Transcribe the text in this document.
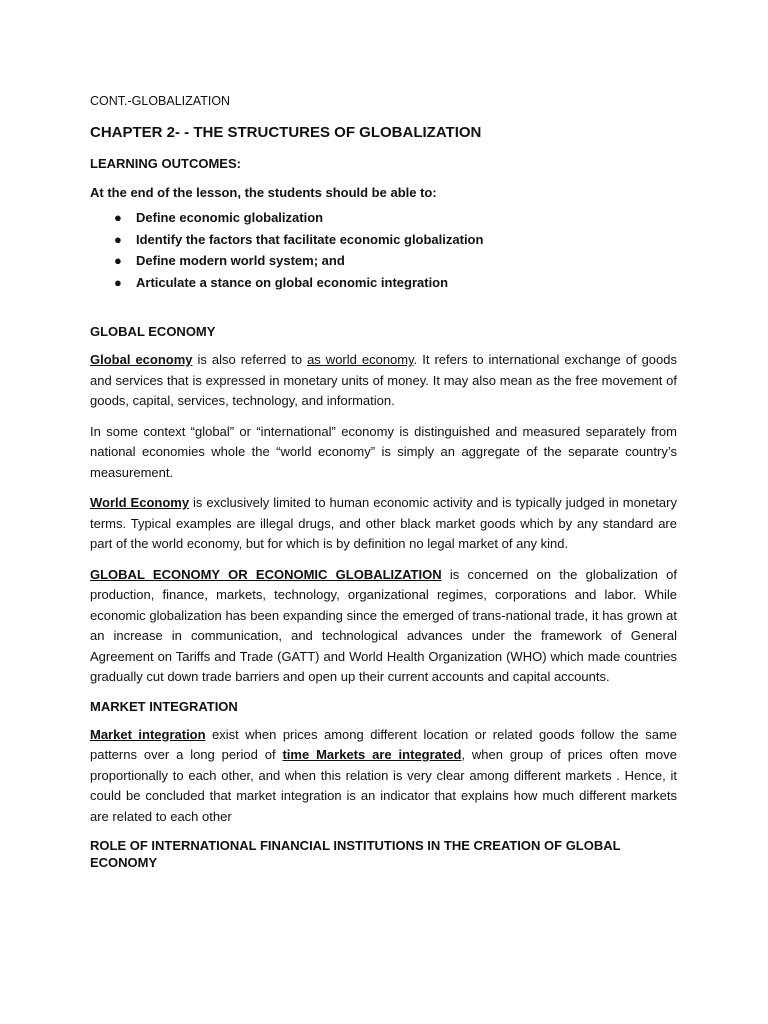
CONT.-GLOBALIZATION
CHAPTER 2- - THE STRUCTURES OF GLOBALIZATION
LEARNING OUTCOMES:
At the end of the lesson, the students should be able to:
● Define economic globalization
● Identify the factors that facilitate economic globalization
● Define modern world system; and
● Articulate a stance on global economic integration
GLOBAL ECONOMY

Global economy is also referred to as world economy. It refers to international exchange of goods and services that is expressed in monetary units of money. It may also mean as the free movement of goods, capital, services, technology, and information.

In some context “global” or “international” economy is distinguished and measured separately from national economies whole the “world economy” is simply an aggregate of the separate country’s measurement.

World Economy is exclusively limited to human economic activity and is typically judged in monetary terms. Typical examples are illegal drugs, and other black market goods which by any standard are part of the world economy, but for which is by definition no legal market of any kind.

GLOBAL ECONOMY OR ECONOMIC GLOBALIZATION is concerned on the globalization of production, finance, markets, technology, organizational regimes, corporations and labor. While economic globalization has been expanding since the emerged of trans-national trade, it has grown at an increase in communication, and technological advances under the framework of General Agreement on Tariffs and Trade (GATT) and World Health Organization (WHO) which made countries gradually cut down trade barriers and open up their current accounts and capital accounts.

MARKET INTEGRATION

Market integration exist when prices among different location or related goods follow the same patterns over a long period of time Markets are integrated, when group of prices often move proportionally to each other, and when this relation is very clear among different markets . Hence, it could be concluded that market integration is an indicator that explains how much different markets are related to each other

ROLE OF INTERNATIONAL FINANCIAL INSTITUTIONS IN THE CREATION OF GLOBAL ECONOMY
